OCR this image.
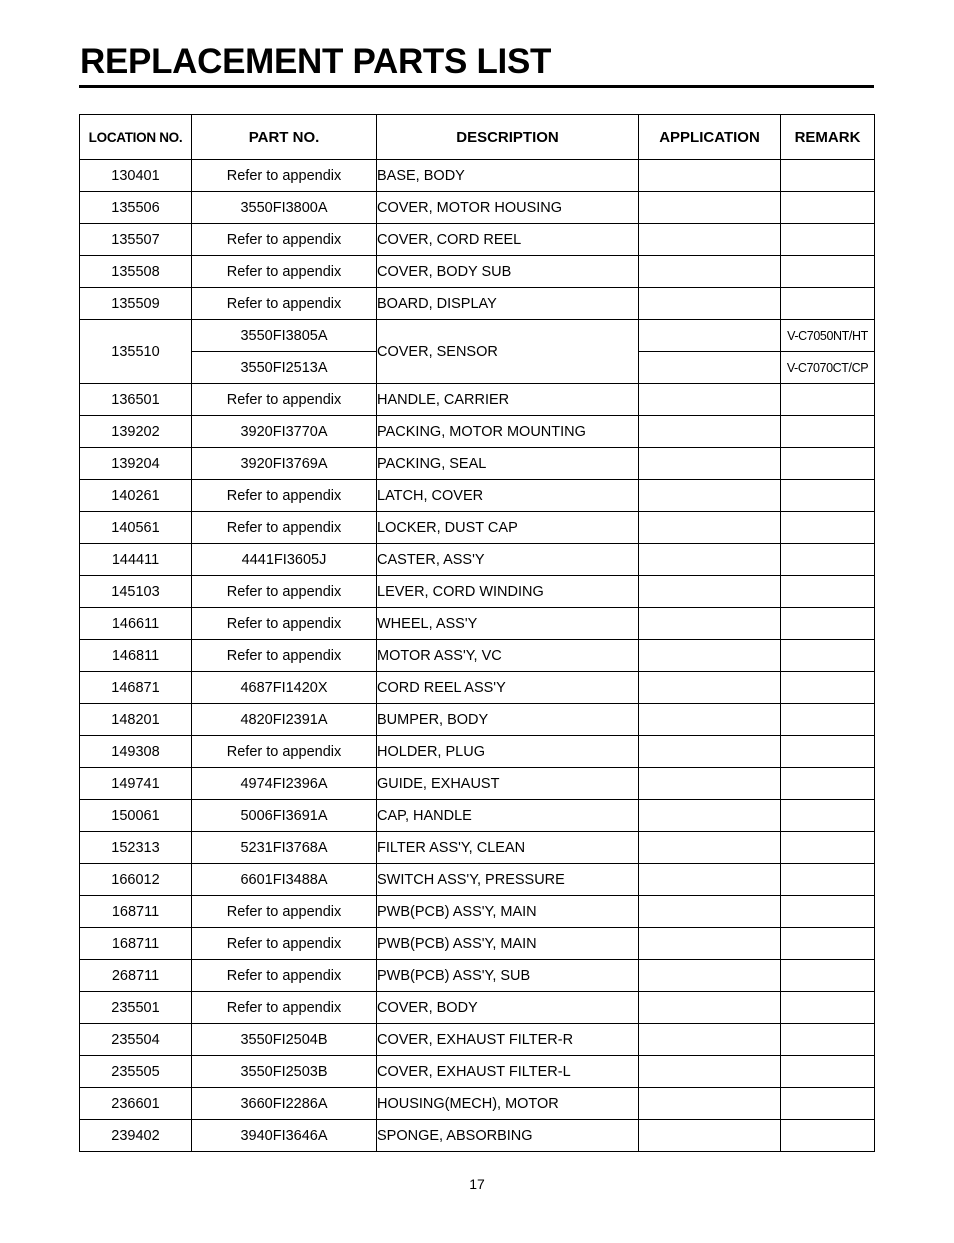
REPLACEMENT PARTS LIST
LOCATION NO.	PART NO.	DESCRIPTION	APPLICATION	REMARK
130401	Refer to appendix	BASE, BODY		
135506	3550FI3800A	COVER, MOTOR HOUSING		
135507	Refer to appendix	COVER, CORD REEL		
135508	Refer to appendix	COVER, BODY SUB		
135509	Refer to appendix	BOARD, DISPLAY		
135510	3550FI3805A	COVER, SENSOR		V-C7050NT/HT
	3550FI2513A			V-C7070CT/CP
136501	Refer to appendix	HANDLE, CARRIER		
139202	3920FI3770A	PACKING, MOTOR MOUNTING		
139204	3920FI3769A	PACKING, SEAL		
140261	Refer to appendix	LATCH, COVER		
140561	Refer to appendix	LOCKER, DUST CAP		
144411	4441FI3605J	CASTER, ASS'Y		
145103	Refer to appendix	LEVER, CORD WINDING		
146611	Refer to appendix	WHEEL, ASS'Y		
146811	Refer to appendix	MOTOR ASS'Y, VC		
146871	4687FI1420X	CORD REEL ASS'Y		
148201	4820FI2391A	BUMPER, BODY		
149308	Refer to appendix	HOLDER, PLUG		
149741	4974FI2396A	GUIDE, EXHAUST		
150061	5006FI3691A	CAP, HANDLE		
152313	5231FI3768A	FILTER ASS'Y, CLEAN		
166012	6601FI3488A	SWITCH ASS'Y, PRESSURE		
168711	Refer to appendix	PWB(PCB) ASS'Y, MAIN		
168711	Refer to appendix	PWB(PCB) ASS'Y, MAIN		
268711	Refer to appendix	PWB(PCB) ASS'Y, SUB		
235501	Refer to appendix	COVER, BODY		
235504	3550FI2504B	COVER, EXHAUST FILTER-R		
235505	3550FI2503B	COVER, EXHAUST FILTER-L		
236601	3660FI2286A	HOUSING(MECH), MOTOR		
239402	3940FI3646A	SPONGE, ABSORBING		
17
